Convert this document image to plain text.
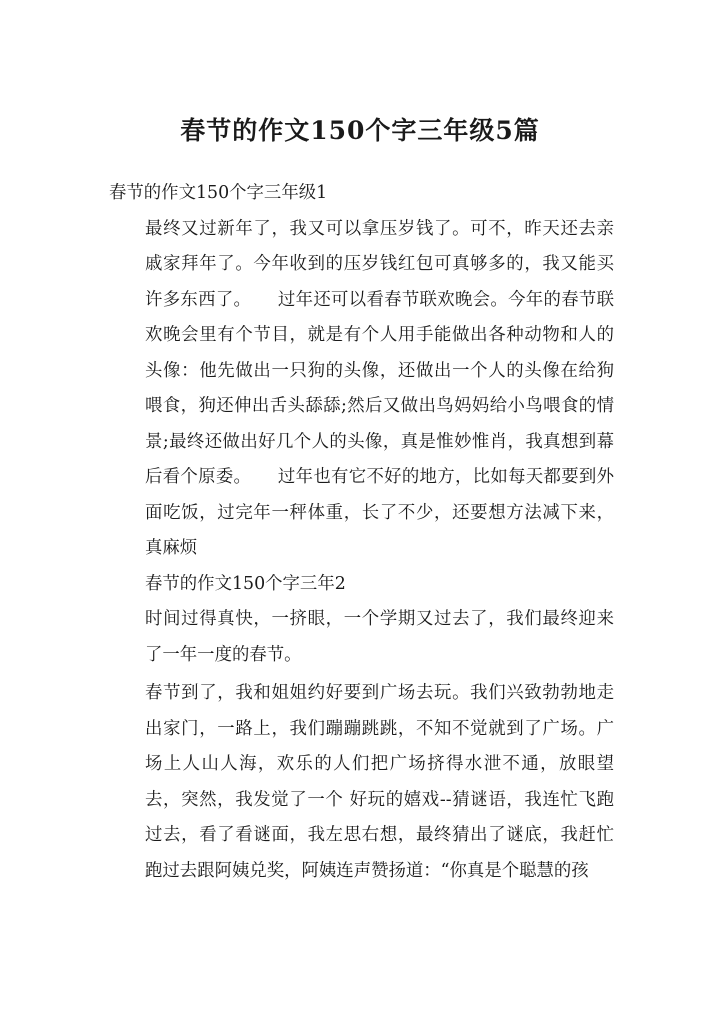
春节的作文150个字三年级5篇

春节的作文150个字三年级1

最终又过新年了，我又可以拿压岁钱了。可不，昨天还去亲戚家拜年了。今年收到的压岁钱红包可真够多的，我又能买许多东西了。　　过年还可以看春节联欢晚会。今年的春节联欢晚会里有个节目，就是有个人用手能做出各种动物和人的头像：他先做出一只狗的头像，还做出一个人的头像在给狗喂食，狗还伸出舌头舔舔;然后又做出鸟妈妈给小鸟喂食的情景;最终还做出好几个人的头像，真是惟妙惟肖，我真想到幕后看个原委。　　过年也有它不好的地方，比如每天都要到外面吃饭，过完年一秤体重，长了不少，还要想方法减下来，真麻烦

春节的作文150个字三年2

时间过得真快，一挤眼，一个学期又过去了，我们最终迎来了一年一度的春节。

春节到了，我和姐姐约好要到广场去玩。我们兴致勃勃地走出家门，一路上，我们蹦蹦跳跳，不知不觉就到了广场。广场上人山人海，欢乐的人们把广场挤得水泄不通，放眼望去，突然，我发觉了一个 好玩的嬉戏--猜谜语，我连忙飞跑过去，看了看谜面，我左思右想，最终猜出了谜底，我赶忙跑过去跟阿姨兑奖，阿姨连声赞扬道：“你真是个聪慧的孩
